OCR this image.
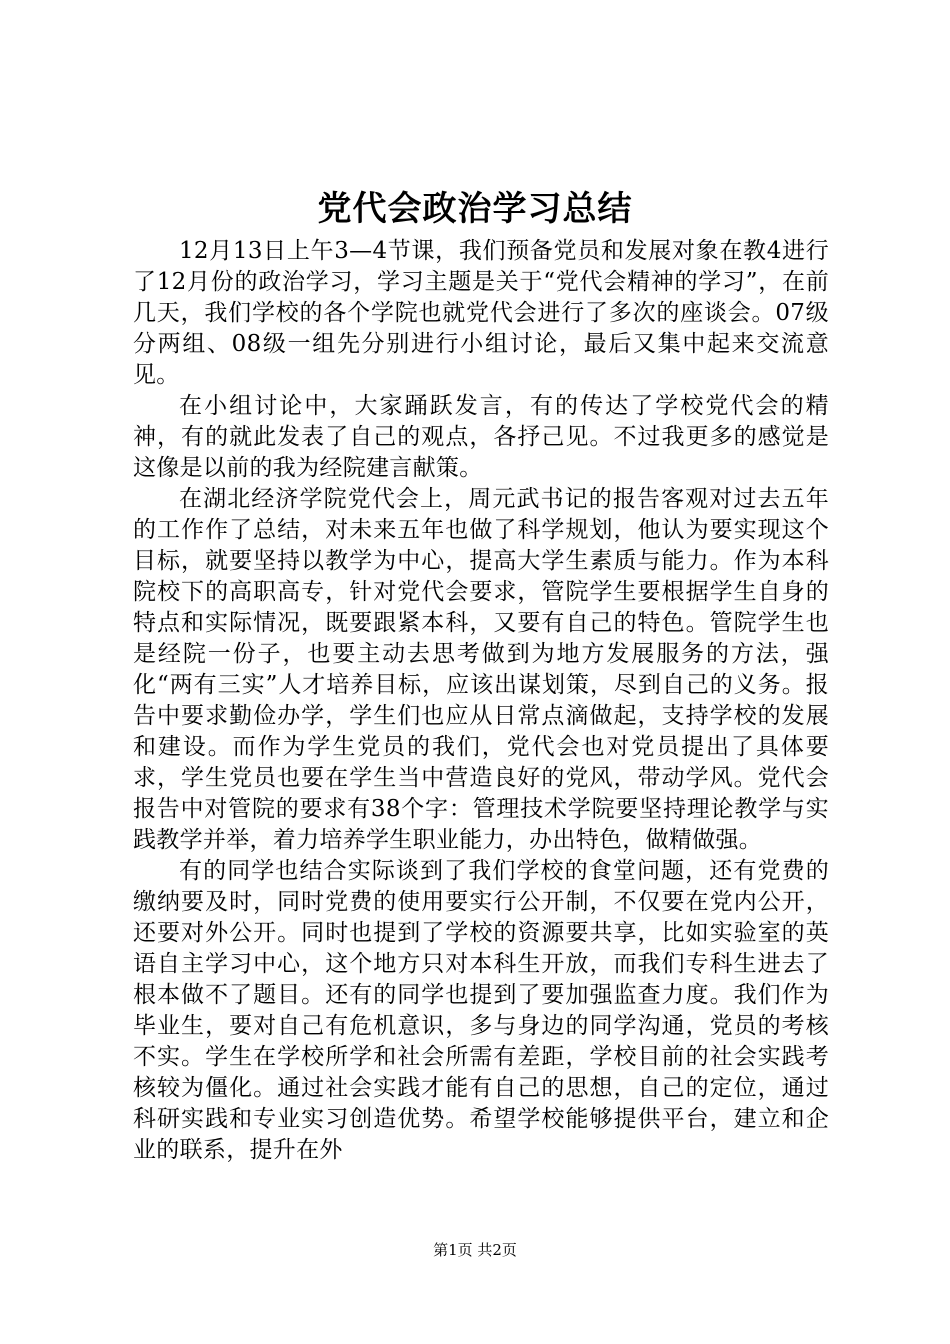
党代会政治学习总结

12月13日上午3—4节课，我们预备党员和发展对象在教4进行了12月份的政治学习，学习主题是关于“党代会精神的学习”，在前几天，我们学校的各个学院也就党代会进行了多次的座谈会。07级分两组、08级一组先分别进行小组讨论，最后又集中起来交流意见。

在小组讨论中，大家踊跃发言，有的传达了学校党代会的精神，有的就此发表了自己的观点，各抒己见。不过我更多的感觉是这像是以前的我为经院建言献策。

在湖北经济学院党代会上，周元武书记的报告客观对过去五年的工作作了总结，对未来五年也做了科学规划，他认为要实现这个目标，就要坚持以教学为中心，提高大学生素质与能力。作为本科院校下的高职高专，针对党代会要求，管院学生要根据学生自身的特点和实际情况，既要跟紧本科，又要有自己的特色。管院学生也是经院一份子，也要主动去思考做到为地方发展服务的方法，强化“两有三实”人才培养目标，应该出谋划策，尽到自己的义务。报告中要求勤俭办学，学生们也应从日常点滴做起，支持学校的发展和建设。而作为学生党员的我们，党代会也对党员提出了具体要求，学生党员也要在学生当中营造良好的党风，带动学风。党代会报告中对管院的要求有38个字：管理技术学院要坚持理论教学与实践教学并举，着力培养学生职业能力，办出特色，做精做强。

有的同学也结合实际谈到了我们学校的食堂问题，还有党费的缴纳要及时，同时党费的使用要实行公开制，不仅要在党内公开，还要对外公开。同时也提到了学校的资源要共享，比如实验室的英语自主学习中心，这个地方只对本科生开放，而我们专科生进去了根本做不了题目。还有的同学也提到了要加强监查力度。我们作为毕业生，要对自己有危机意识，多与身边的同学沟通，党员的考核不实。学生在学校所学和社会所需有差距，学校目前的社会实践考核较为僵化。通过社会实践才能有自己的思想，自己的定位，通过科研实践和专业实习创造优势。希望学校能够提供平台，建立和企业的联系，提升在外

第1页 共2页
